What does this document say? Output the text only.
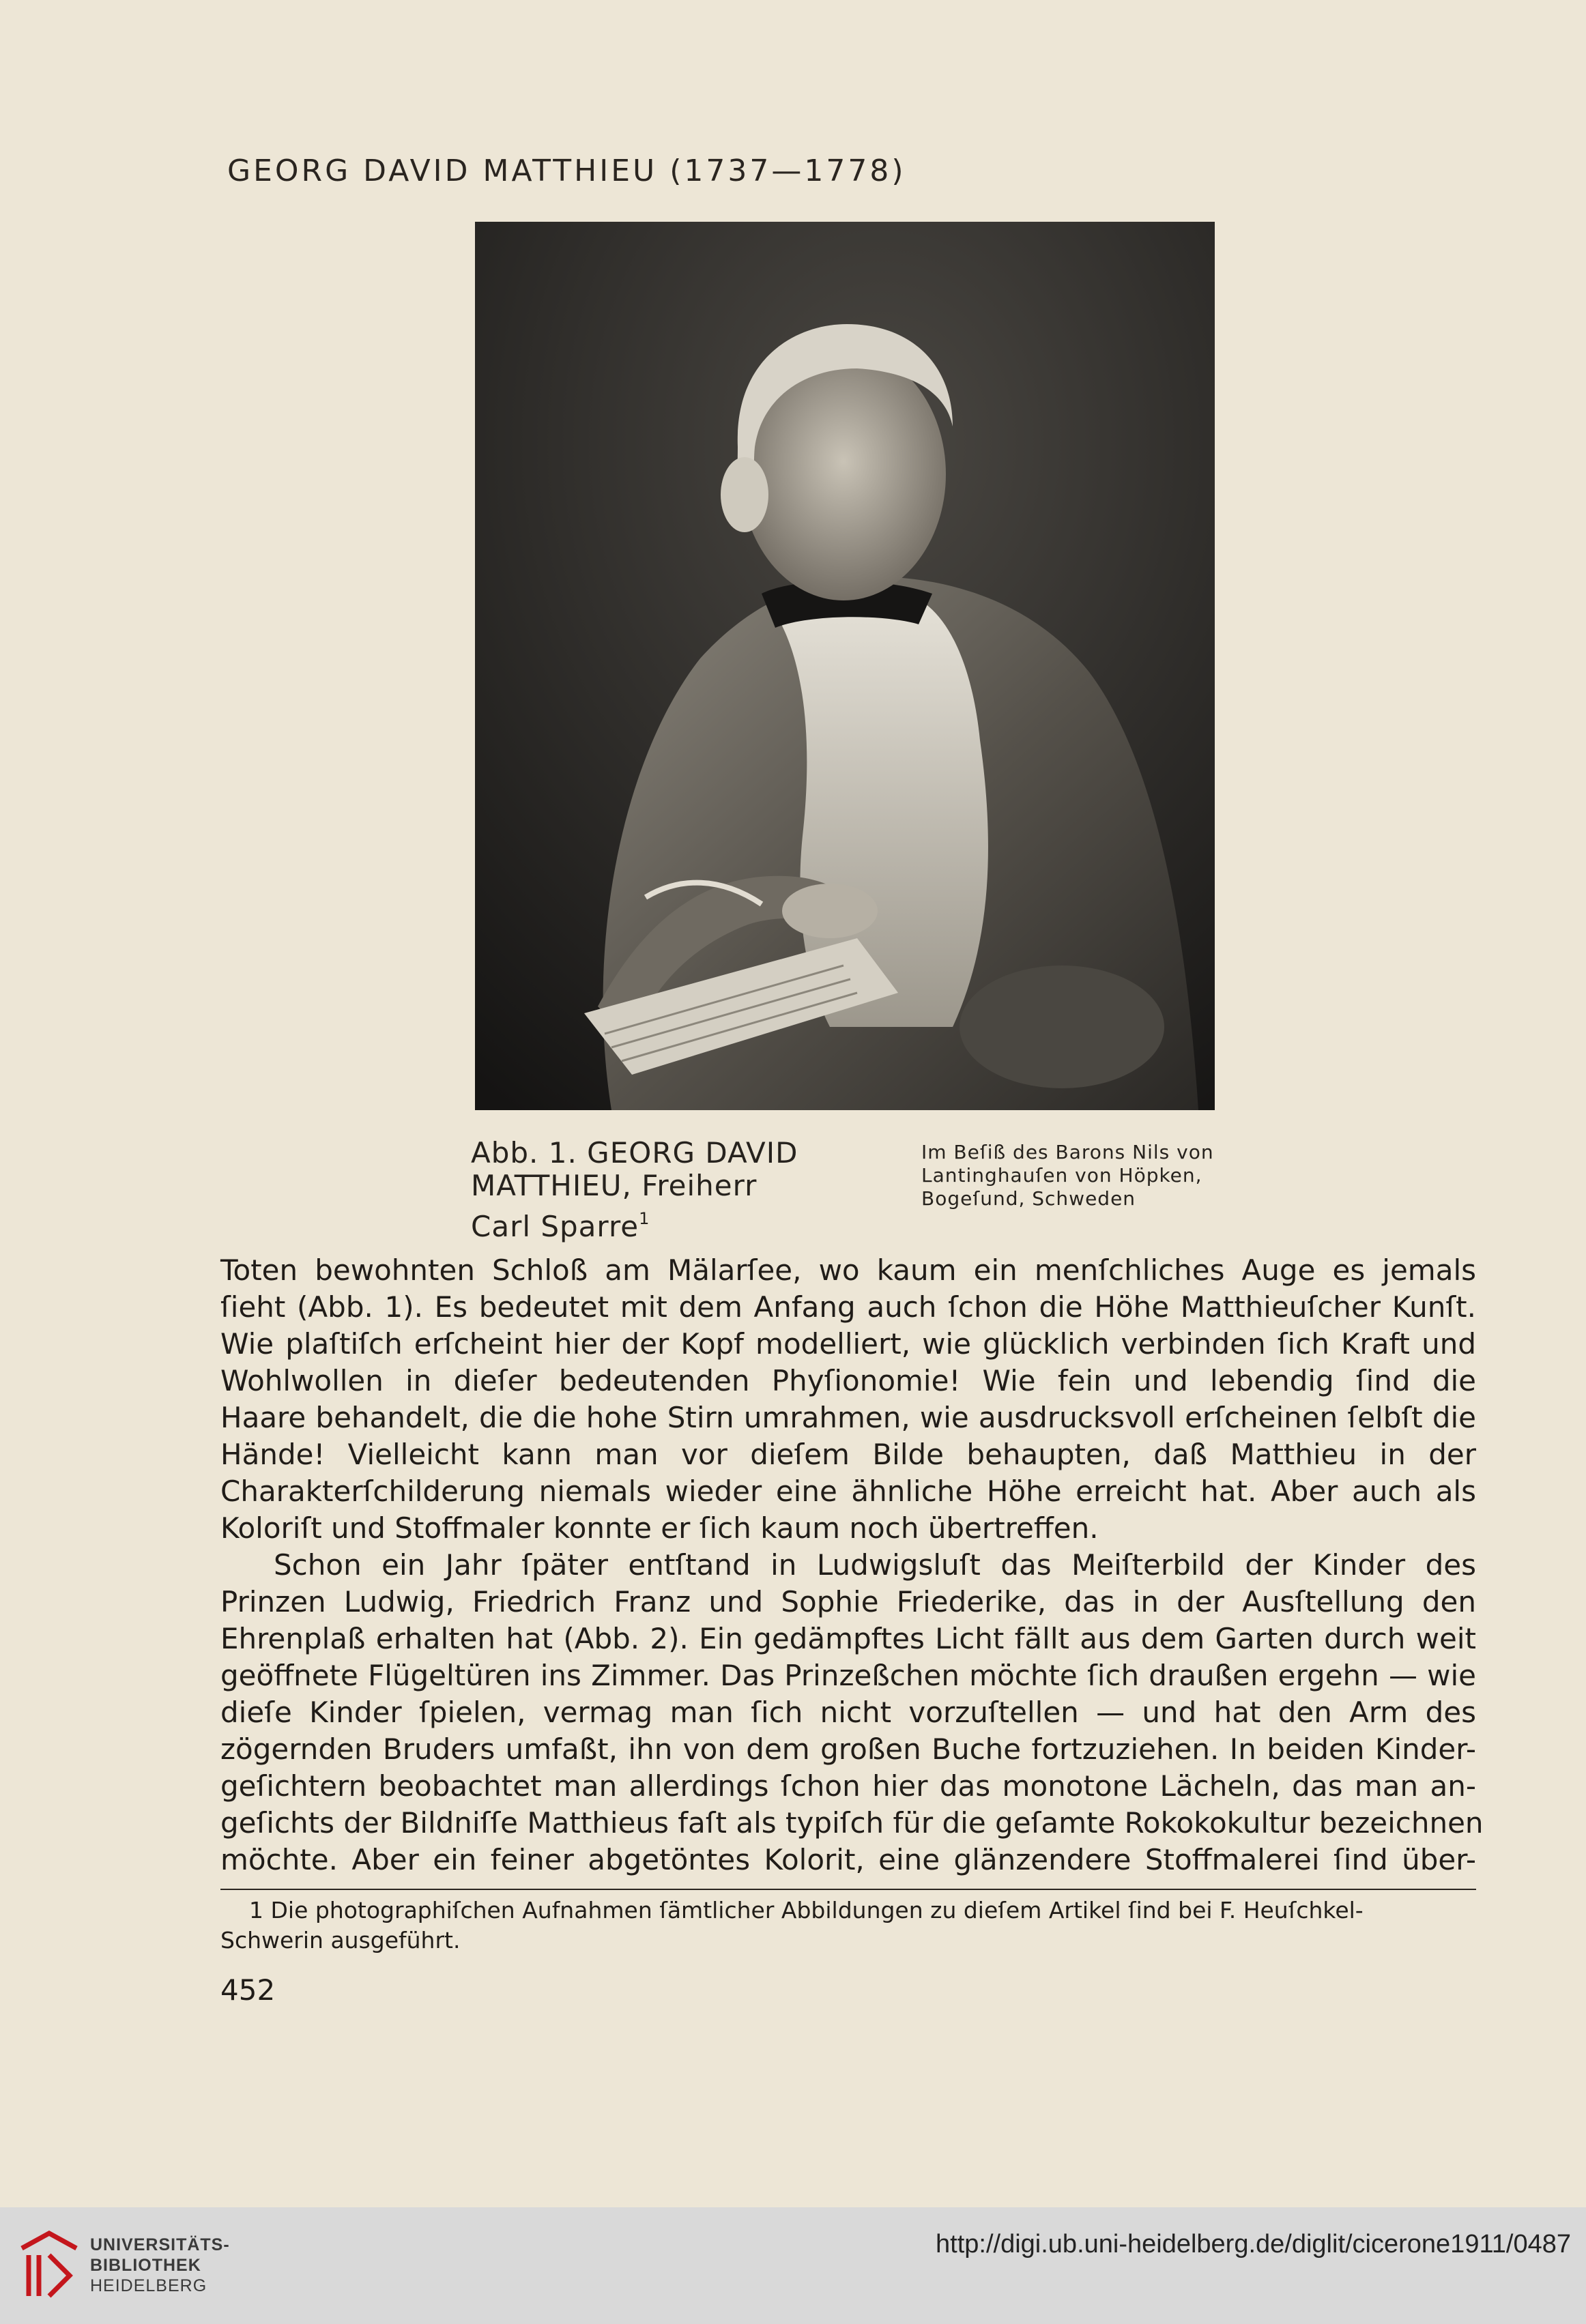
GEORG DAVID MATTHIEU (1737—1778)
Abb. 1. GEORG DAVID
MATTHIEU, Freiherr
Carl Sparre$^1$
Im Beſiß des Barons Nils von
Lantinghauſen von Höpken,
Bogeſund, Schweden

Toten bewohnten Schloß am Mälarſee, wo kaum ein menſchliches Auge es jemals
ſieht (Abb. 1). Es bedeutet mit dem Anfang auch ſchon die Höhe Matthieuſcher Kunſt.
Wie plaſtiſch erſcheint hier der Kopf modelliert, wie glücklich verbinden ſich Kraft und
Wohlwollen in dieſer bedeutenden Phyſionomie! Wie fein und lebendig ſind die
Haare behandelt, die die hohe Stirn umrahmen, wie ausdrucksvoll erſcheinen ſelbſt die
Hände! Vielleicht kann man vor dieſem Bilde behaupten, daß Matthieu in der
Charakterſchilderung niemals wieder eine ähnliche Höhe erreicht hat. Aber auch als
Koloriſt und Stoffmaler konnte er ſich kaum noch übertreffen.

Schon ein Jahr ſpäter entſtand in Ludwigsluſt das Meiſterbild der Kinder des
Prinzen Ludwig, Friedrich Franz und Sophie Friederike, das in der Ausſtellung den
Ehrenplaß erhalten hat (Abb. 2). Ein gedämpftes Licht fällt aus dem Garten durch weit
geöffnete Flügeltüren ins Zimmer. Das Prinzeßchen möchte ſich draußen ergehn — wie
dieſe Kinder ſpielen, vermag man ſich nicht vorzuſtellen — und hat den Arm des
zögernden Bruders umfaßt, ihn von dem großen Buche fortzuziehen. In beiden Kinder-
geſichtern beobachtet man allerdings ſchon hier das monotone Lächeln, das man an-
geſichts der Bildniſſe Matthieus faſt als typiſch für die geſamte Rokokokultur bezeichnen
möchte. Aber ein feiner abgetöntes Kolorit, eine glänzendere Stoffmalerei ſind über-

1 Die photographiſchen Aufnahmen ſämtlicher Abbildungen zu dieſem Artikel ſind bei F. Heuſchkel-
Schwerin ausgeführt.
452
UNIVERSITÄTS-
BIBLIOTHEK
HEIDELBERG
http://digi.ub.uni-heidelberg.de/diglit/cicerone1911/0487
